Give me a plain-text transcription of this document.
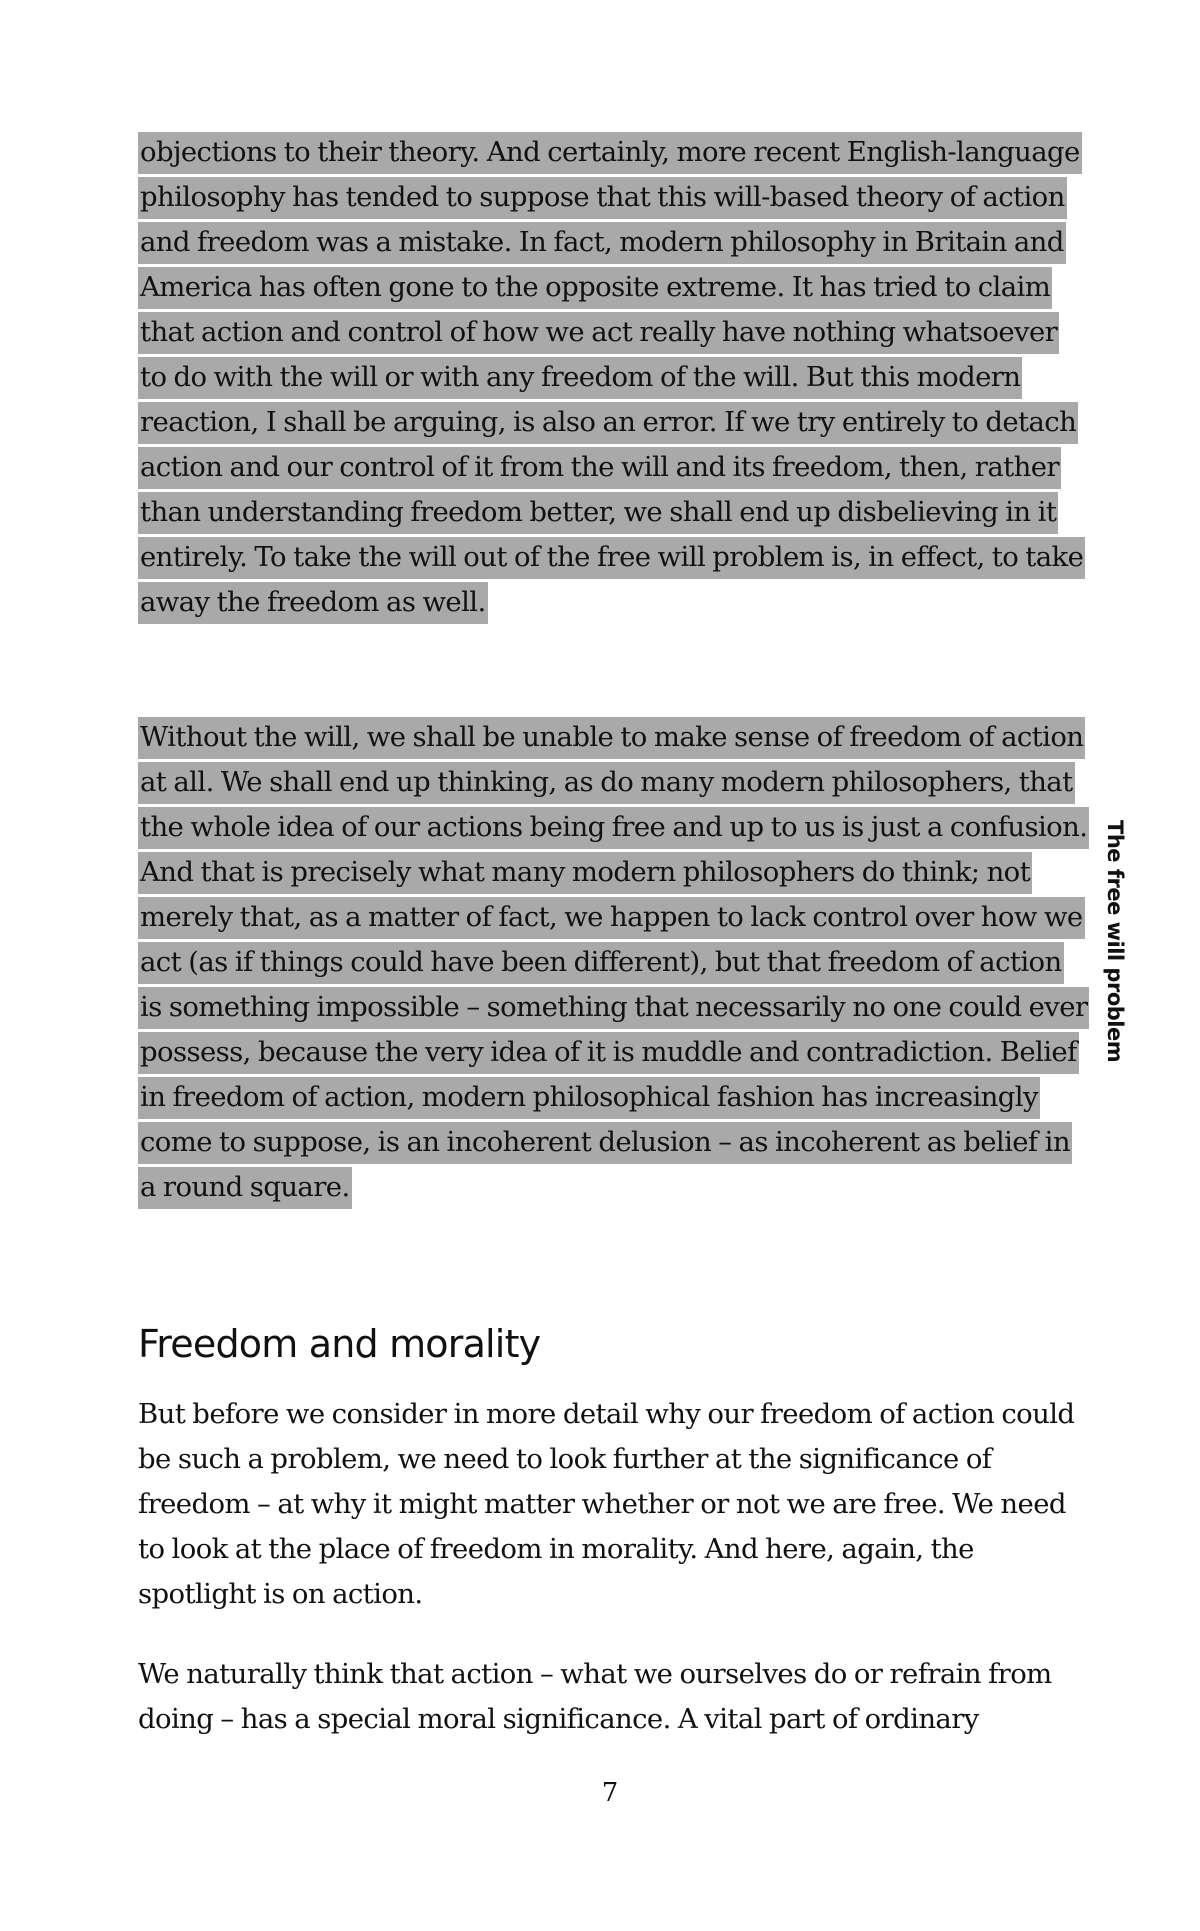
objections to their theory. And certainly, more recent English-language philosophy has tended to suppose that this will-based theory of action and freedom was a mistake. In fact, modern philosophy in Britain and America has often gone to the opposite extreme. It has tried to claim that action and control of how we act really have nothing whatsoever to do with the will or with any freedom of the will. But this modern reaction, I shall be arguing, is also an error. If we try entirely to detach action and our control of it from the will and its freedom, then, rather than understanding freedom better, we shall end up disbelieving in it entirely. To take the will out of the free will problem is, in effect, to take away the freedom as well.

Without the will, we shall be unable to make sense of freedom of action at all. We shall end up thinking, as do many modern philosophers, that the whole idea of our actions being free and up to us is just a confusion. And that is precisely what many modern philosophers do think; not merely that, as a matter of fact, we happen to lack control over how we act (as if things could have been different), but that freedom of action is something impossible – something that necessarily no one could ever possess, because the very idea of it is muddle and contradiction. Belief in freedom of action, modern philosophical fashion has increasingly come to suppose, is an incoherent delusion – as incoherent as belief in a round square.

Freedom and morality

But before we consider in more detail why our freedom of action could be such a problem, we need to look further at the significance of freedom – at why it might matter whether or not we are free. We need to look at the place of freedom in morality. And here, again, the spotlight is on action.

We naturally think that action – what we ourselves do or refrain from doing – has a special moral significance. A vital part of ordinary

The free will problem
7
